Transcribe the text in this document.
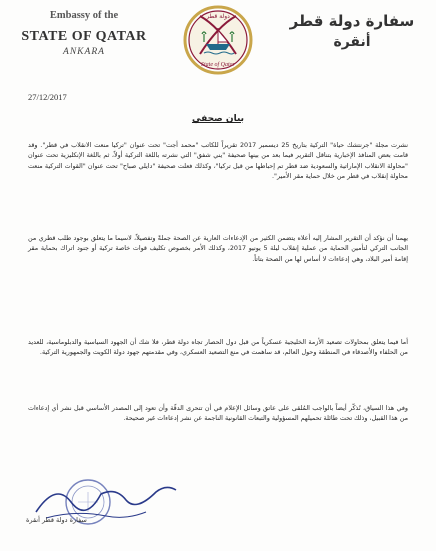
Embassy of the
STATE OF QATAR
ANKARA
دولة قطر
State of Qatar
سفارة دولة قطر
أنقرة
27/12/2017
بيان صحفي
نشرت مجلة "جرنتشك حياة" التركية بتاريخ 25 ديسمبر 2017 تقريراً للكاتب "محمد أجت" تحت عنوان "تركيا منعت الانقلاب في قطر". وقد قامت بعض المنافذ الإخبارية بتناقل التقرير فيما بعد من بينها صحيفة "يني شفق" التي نشرته باللغة التركية أولاً، ثم باللغة الإنكليزية تحت عنوان "محاولة الانقلاب الإماراتية والسعودية ضد قطر تم إحباطها من قبل تركيا"، وكذلك فعلت صحيفة "دايلي صباح" تحت عنوان "القوات التركية منعت محاولة إنقلاب في قطر من خلال حماية مقر الأمير".
يهمنا أن نؤكد أن التقرير المشار إليه أعلاه يتضمن الكثير من الإدعاءات العارية عن الصحة جملةً وتفصيلاً، لاسيما ما يتعلق بوجود طلب قطري من الجانب التركي لتأمين الحماية من عملية إنقلاب ليلة 5 يونيو 2017، وكذلك الأمر بخصوص تكليف قوات خاصة تركية أو جنود اتراك بحماية مقر إقامة أمير البلاد، وهي إدعاءات لا أساس لها من الصحة بتاتاً.
أما فيما يتعلق بمحاولات تصعيد الأزمة الخليجية عسكرياً من قبل دول الحصار تجاه دولة قطر، فلا شك أن الجهود السياسية والدبلوماسية، للعديد من الحلفاء والأصدقاء في المنطقة وحول العالم، قد ساهمت في منع التصعيد العسكري، وفي مقدمتهم جهود دولة الكويت والجمهورية التركية.
وفي هذا السياق، نُذكّر أيضاً بالواجب المُلقى على عاتق وسائل الإعلام في أن تتحرى الدقّة وأن تعود إلى المصدر الأساسي قبل نشر أي إدعاءات من هذا القبيل، وذلك تحت طائلة تحميلهم المسؤولية والتبعات القانونية الناجمة عن نشر إدعاءات غير صحيحة.
سفارة دولة قطر أنقرة
